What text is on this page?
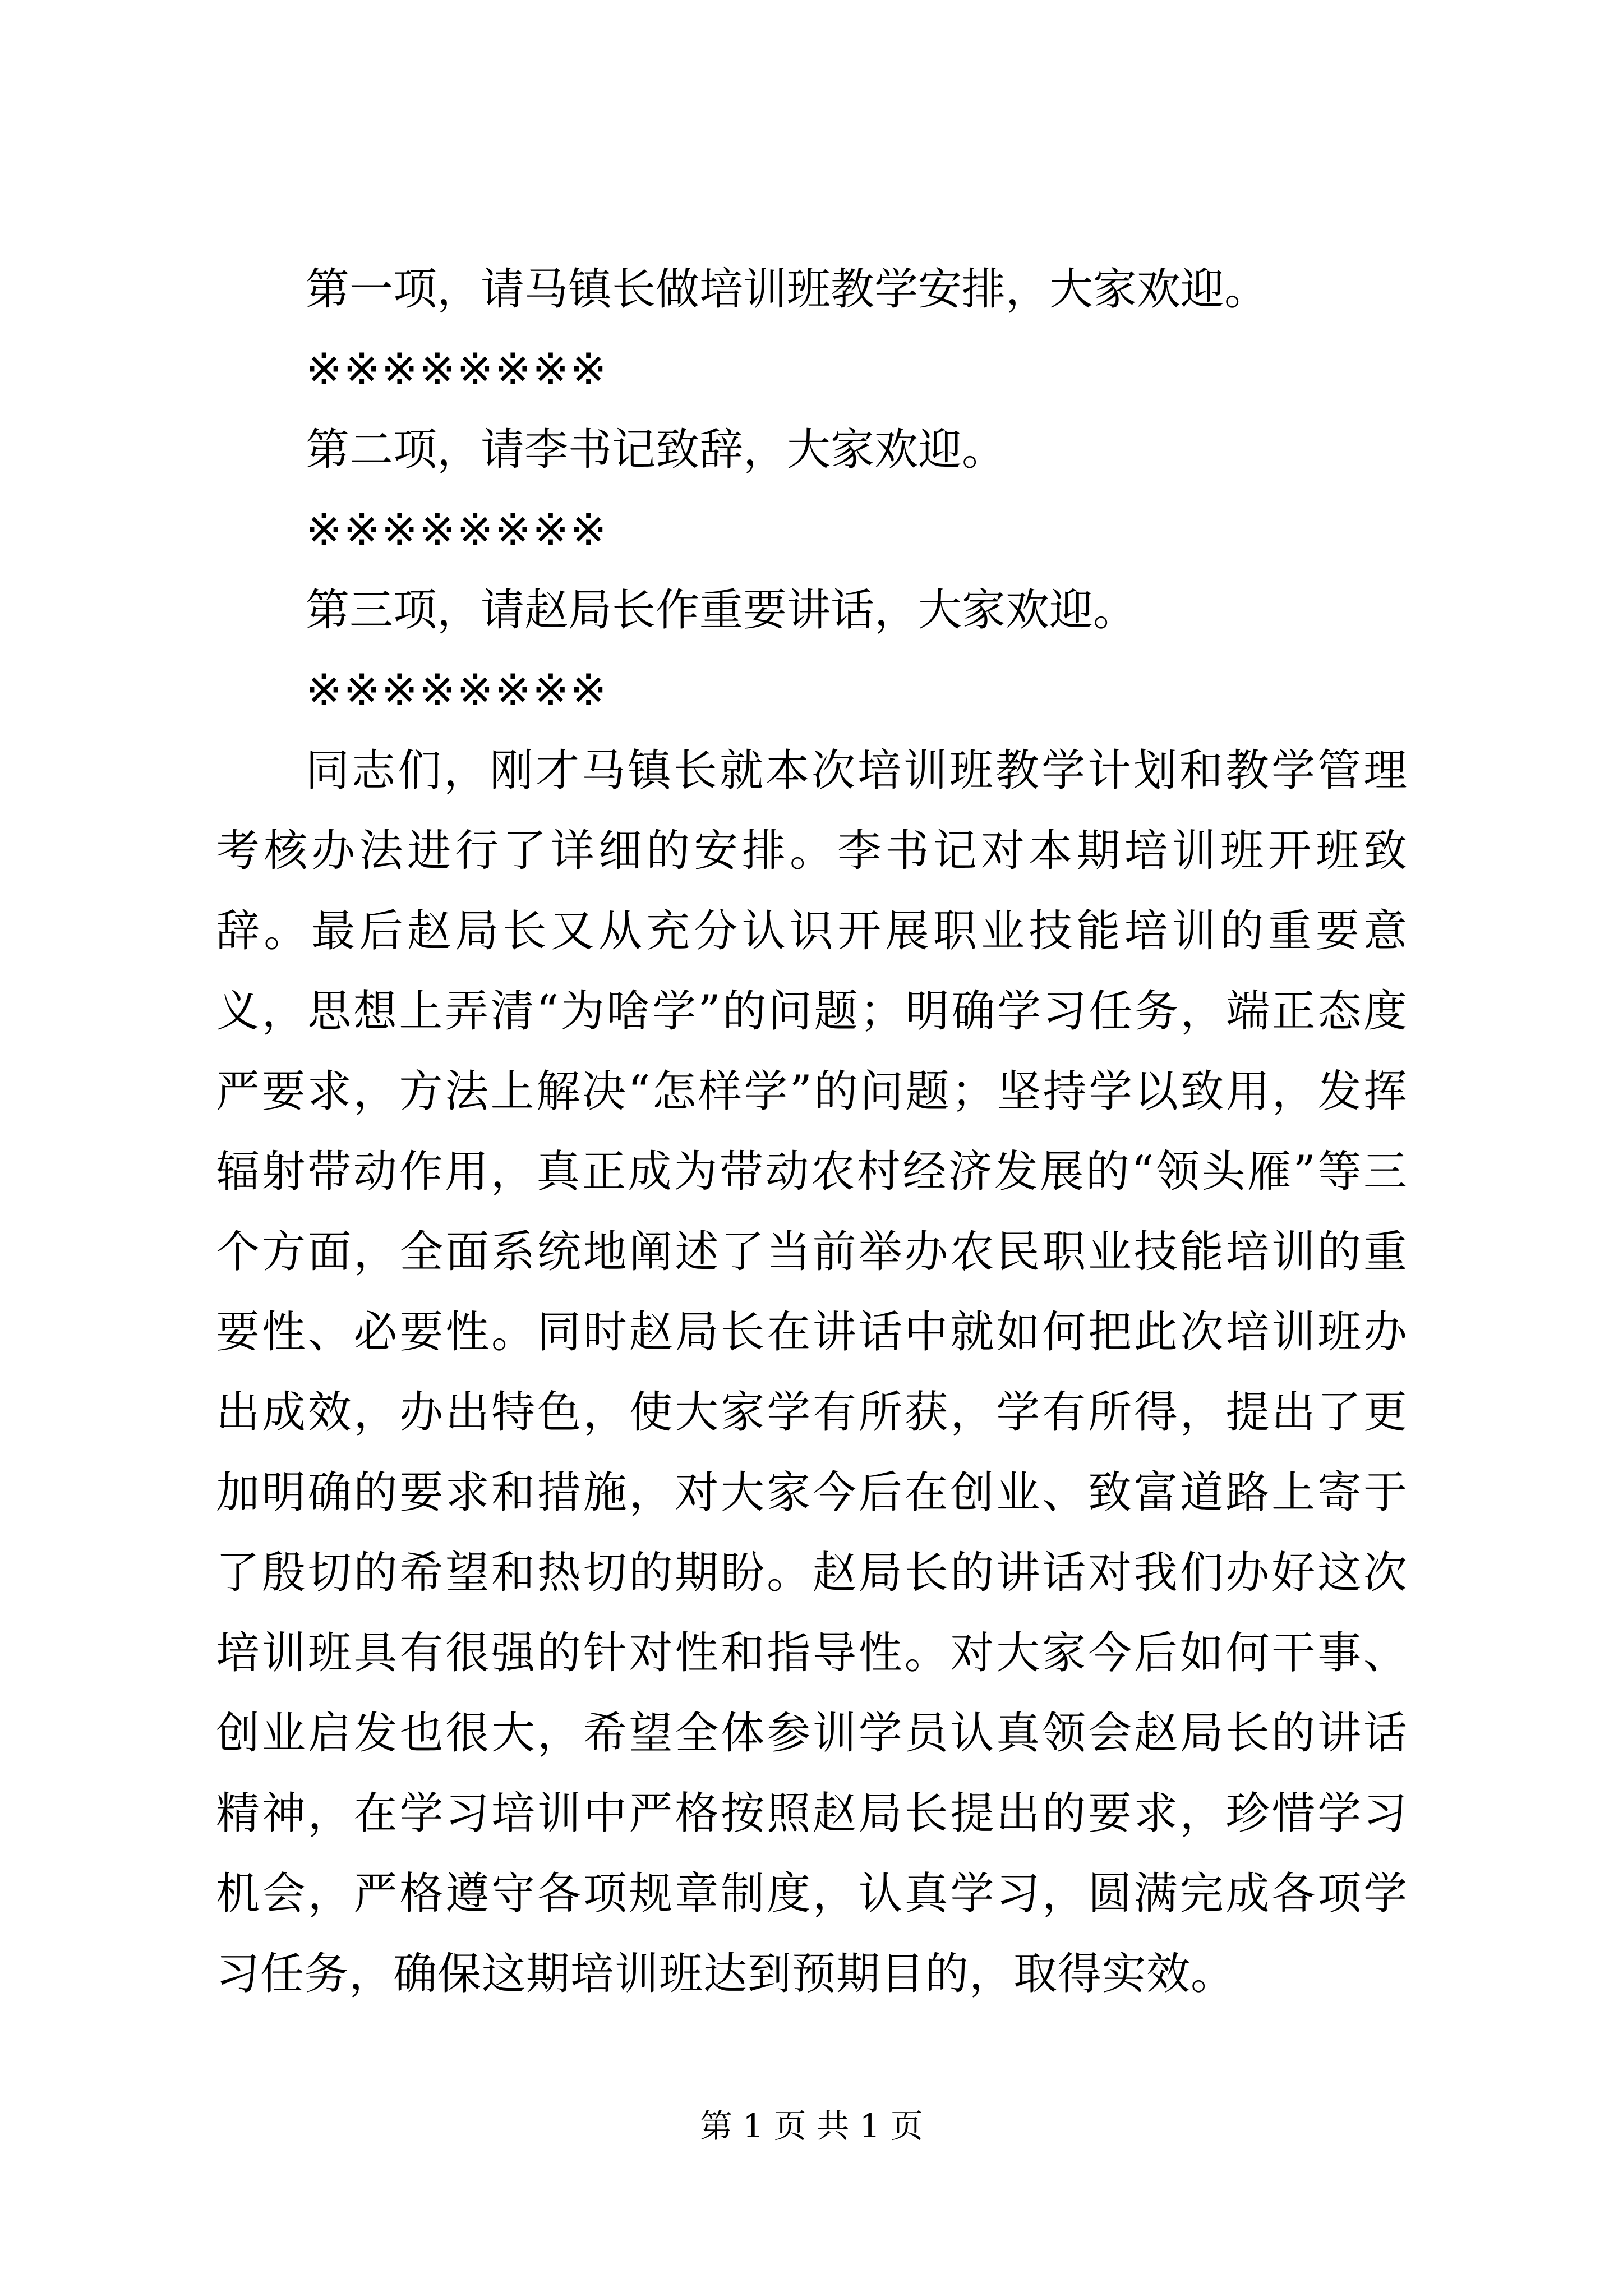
第一项，请马镇长做培训班教学安排，大家欢迎。

※※※※※※※※

第二项，请李书记致辞，大家欢迎。

※※※※※※※※

第三项，请赵局长作重要讲话，大家欢迎。

※※※※※※※※

同志们，刚才马镇长就本次培训班教学计划和教学管理考核办法进行了详细的安排。李书记对本期培训班开班致辞。最后赵局长又从充分认识开展职业技能培训的重要意义，思想上弄清“为啥学”的问题；明确学习任务，端正态度严要求，方法上解决“怎样学”的问题；坚持学以致用，发挥辐射带动作用，真正成为带动农村经济发展的“领头雁”等三个方面，全面系统地阐述了当前举办农民职业技能培训的重要性、必要性。同时赵局长在讲话中就如何把此次培训班办出成效，办出特色，使大家学有所获，学有所得，提出了更加明确的要求和措施，对大家今后在创业、致富道路上寄于了殷切的希望和热切的期盼。赵局长的讲话对我们办好这次培训班具有很强的针对性和指导性。对大家今后如何干事、创业启发也很大，希望全体参训学员认真领会赵局长的讲话精神，在学习培训中严格按照赵局长提出的要求，珍惜学习机会，严格遵守各项规章制度，认真学习，圆满完成各项学习任务，确保这期培训班达到预期目的，取得实效。

第 1 页 共 1 页
